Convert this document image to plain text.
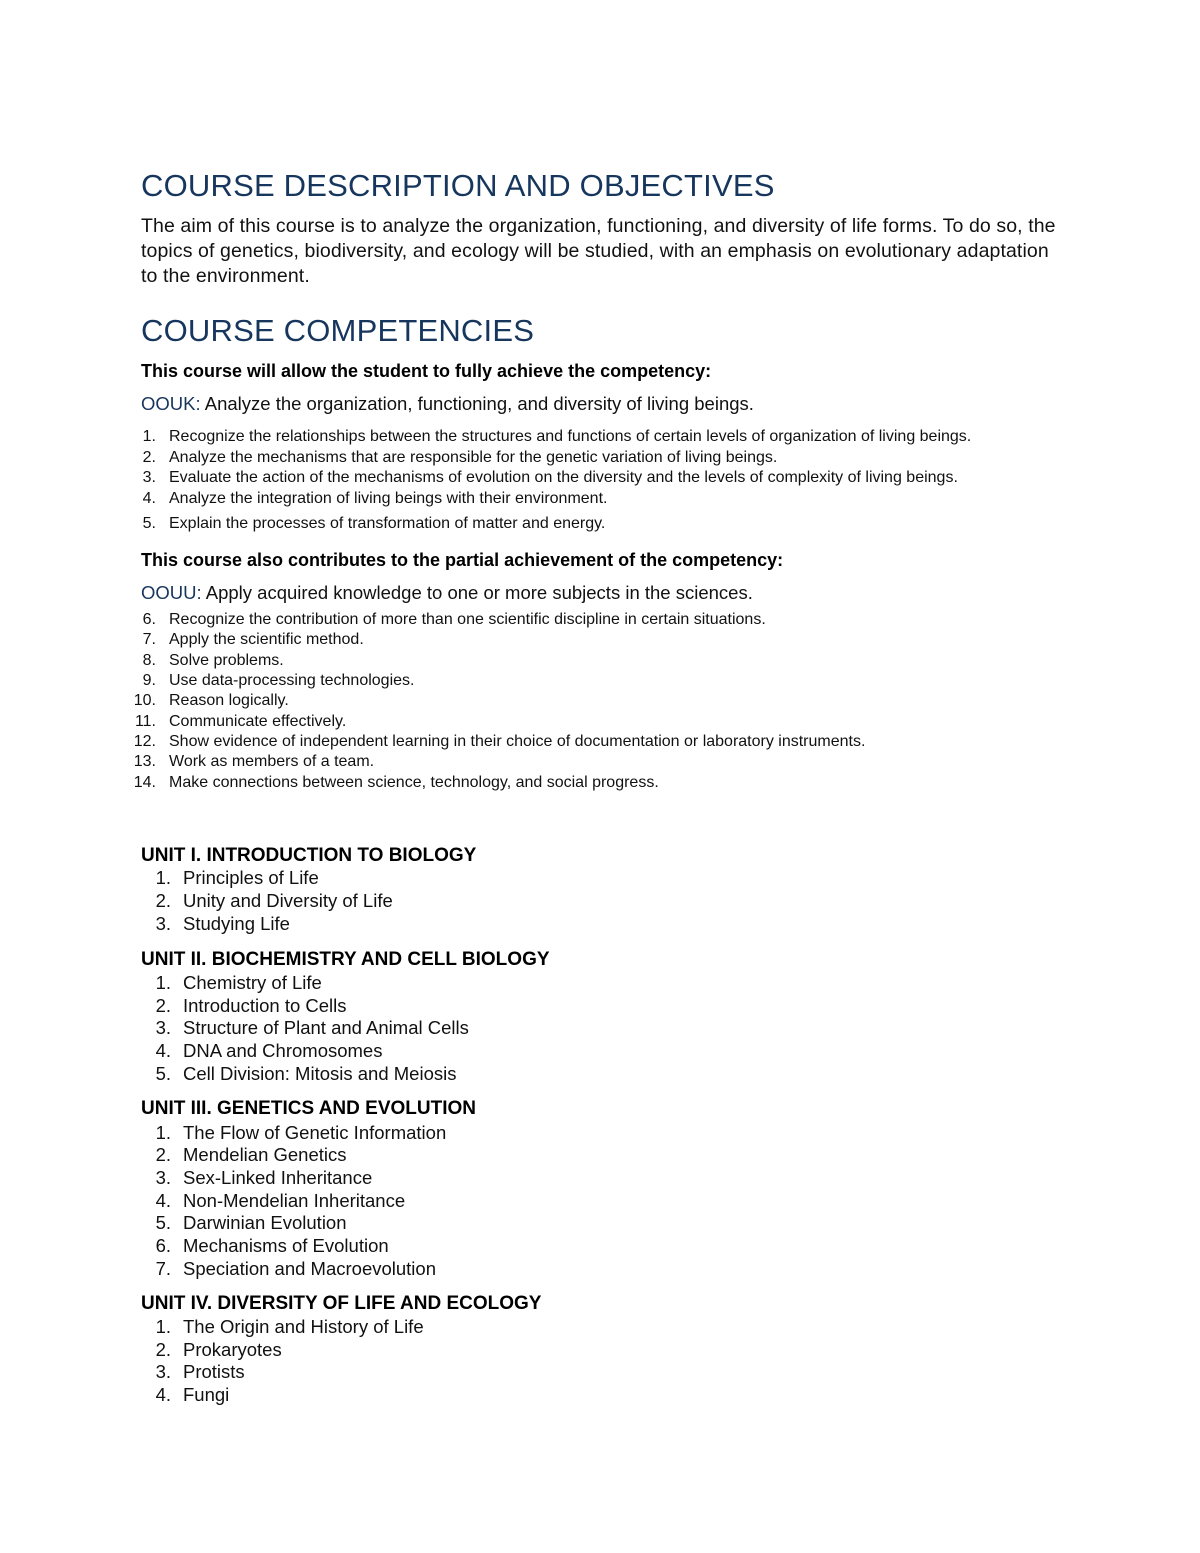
COURSE DESCRIPTION AND OBJECTIVES
The aim of this course is to analyze the organization, functioning, and diversity of life forms. To do so, the topics of genetics, biodiversity, and ecology will be studied, with an emphasis on evolutionary adaptation to the environment.
COURSE COMPETENCIES
This course will allow the student to fully achieve the competency:
OOUK: Analyze the organization, functioning, and diversity of living beings.
1. Recognize the relationships between the structures and functions of certain levels of organization of living beings.
2. Analyze the mechanisms that are responsible for the genetic variation of living beings.
3. Evaluate the action of the mechanisms of evolution on the diversity and the levels of complexity of living beings.
4. Analyze the integration of living beings with their environment.
5. Explain the processes of transformation of matter and energy.
This course also contributes to the partial achievement of the competency:
OOUU: Apply acquired knowledge to one or more subjects in the sciences.
6. Recognize the contribution of more than one scientific discipline in certain situations.
7. Apply the scientific method.
8. Solve problems.
9. Use data-processing technologies.
10. Reason logically.
11. Communicate effectively.
12. Show evidence of independent learning in their choice of documentation or laboratory instruments.
13. Work as members of a team.
14. Make connections between science, technology, and social progress.
UNIT I. INTRODUCTION TO BIOLOGY
1. Principles of Life
2. Unity and Diversity of Life
3. Studying Life
UNIT II. BIOCHEMISTRY AND CELL BIOLOGY
1. Chemistry of Life
2. Introduction to Cells
3. Structure of Plant and Animal Cells
4. DNA and Chromosomes
5. Cell Division: Mitosis and Meiosis
UNIT III. GENETICS AND EVOLUTION
1. The Flow of Genetic Information
2. Mendelian Genetics
3. Sex-Linked Inheritance
4. Non-Mendelian Inheritance
5. Darwinian Evolution
6. Mechanisms of Evolution
7. Speciation and Macroevolution
UNIT IV. DIVERSITY OF LIFE AND ECOLOGY
1. The Origin and History of Life
2. Prokaryotes
3. Protists
4. Fungi
